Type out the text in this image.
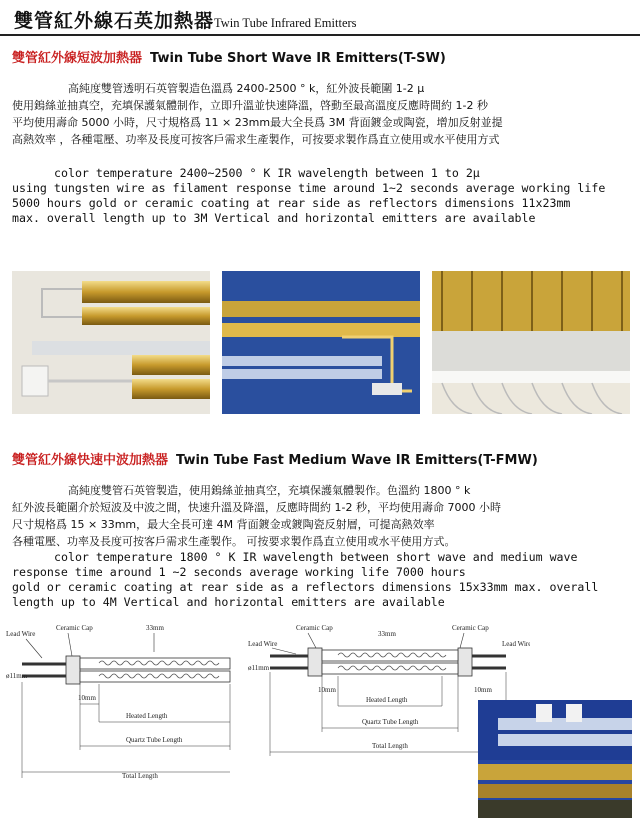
雙管紅外線石英加熱器Twin Tube Infrared Emitters
雙管紅外線短波加熱器 Twin Tube Short Wave IR Emitters(T-SW)
高純度雙管透明石英管製造色溫爲 2400-2500 ° k，紅外波長範圍 1-2 µ
使用鎢絲並抽真空，充填保護氣體制作，立即升溫並快速降溫，啓動至最高溫度反應時間約 1-2 秒
平均使用壽命 5000 小時，尺寸規格爲 11 × 23mm最大全長爲 3M 背面鍍金或陶瓷，增加反射並提
高熱效率 ，各種電壓、功率及長度可按客戶需求生產製作，可按要求製作爲直立使用或水平使用方式
color temperature 2400~2500 ° K IR wavelength between 1 to 2µ
using tungsten wire as filament response time around 1~2 seconds average working life
5000 hours gold or ceramic coating at rear side as reflectors dimensions 11x23mm
max. overall length up to 3M Vertical and horizontal emitters are available
雙管紅外線快速中波加熱器 Twin Tube Fast Medium Wave IR Emitters(T-FMW)
高純度雙管石英管製造，使用鎢絲並抽真空，充填保護氣體製作。色溫約 1800 ° k
紅外波長範圍介於短波及中波之間，快速升溫及降溫，反應時間約 1-2 秒，平均使用壽命 7000 小時
尺寸規格爲 15 × 33mm，最大全長可達 4M 背面鍍金或鍍陶瓷反射層，可提高熱效率
各種電壓、功率及長度可按客戶需求生產製作。 可按要求製作爲直立使用或水平使用方式。
color temperature 1800 ° K IR wavelength between short wave and medium wave
response time around 1 ~2 seconds average working life 7000 hours
gold or ceramic coating at rear side as a reflectors dimensions 15x33mm max. overall
length up to 4M Vertical and horizontal emitters are available
Lead Wire
Ceramic Cap	33mm
ø11mm
10mm
Heated Length
Quartz Tube Length
Total Length
Lead Wire
Ceramic Cap
33mm
Ceramic Cap
Lead Wire
ø11mm
10mm	10mm
Heated Length
Quartz Tube Length
Total Length
